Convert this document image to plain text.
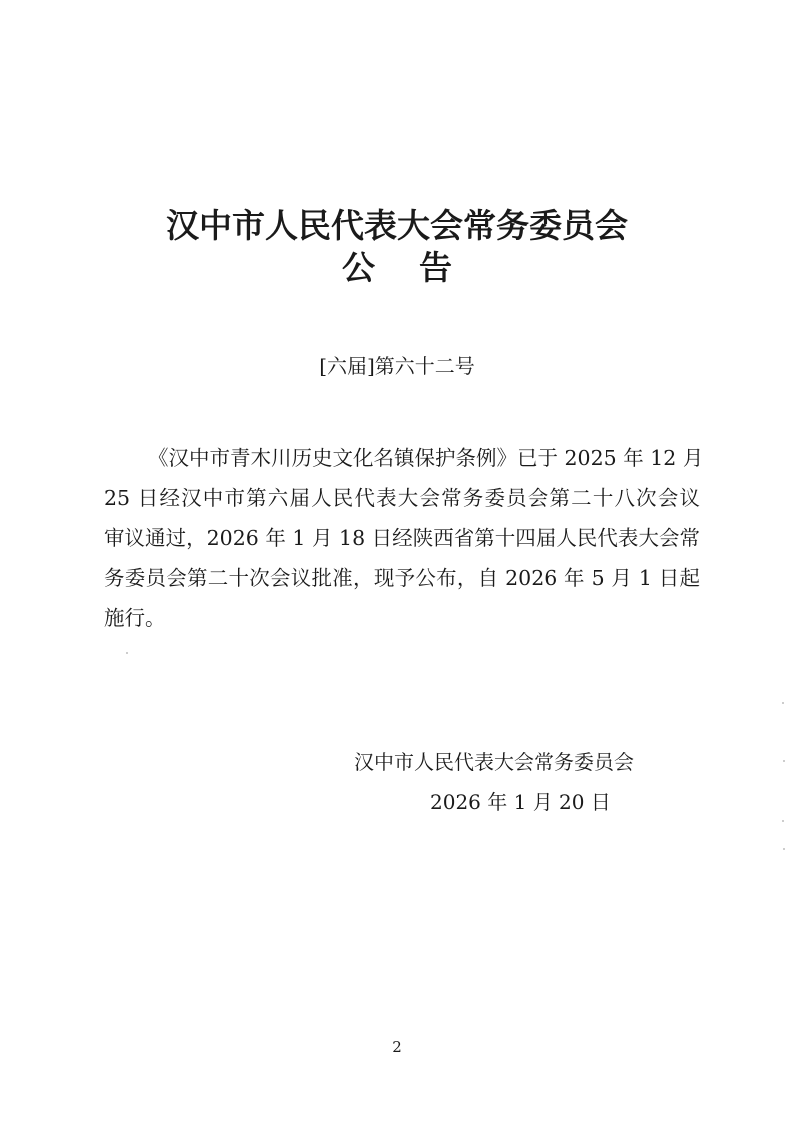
汉中市人民代表大会常务委员会
公 告

[六届]第六十二号

《汉中市青木川历史文化名镇保护条例》已于 2025 年 12 月
25 日经汉中市第六届人民代表大会常务委员会第二十八次会议
审议通过，2026 年 1 月 18 日经陕西省第十四届人民代表大会常
务委员会第二十次会议批准，现予公布，自 2026 年 5 月 1 日起
施行。

汉中市人民代表大会常务委员会

2026 年 1 月 20 日

2
